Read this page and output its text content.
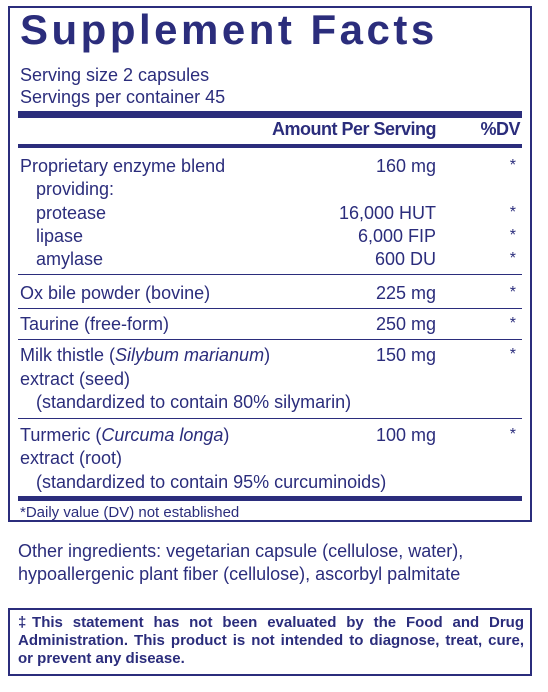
Supplement Facts
Serving size 2 capsules
Servings per container 45
Amount Per Serving %DV
Proprietary enzyme blend	160 mg	*
providing:
protease	16,000 HUT	*
lipase	6,000 FIP	*
amylase	600 DU	*
Ox bile powder (bovine)	225 mg	*
Taurine (free-form)	250 mg	*
Milk thistle (Silybum marianum)	150 mg	*
extract (seed)
(standardized to contain 80% silymarin)
Turmeric (Curcuma longa)	100 mg	*
extract (root)
(standardized to contain 95% curcuminoids)
*Daily value (DV) not established
Other ingredients: vegetarian capsule (cellulose, water), hypoallergenic plant fiber (cellulose), ascorbyl palmitate
‡This statement has not been evaluated by the Food and Drug Administration. This product is not intended to diagnose, treat, cure, or prevent any disease.
